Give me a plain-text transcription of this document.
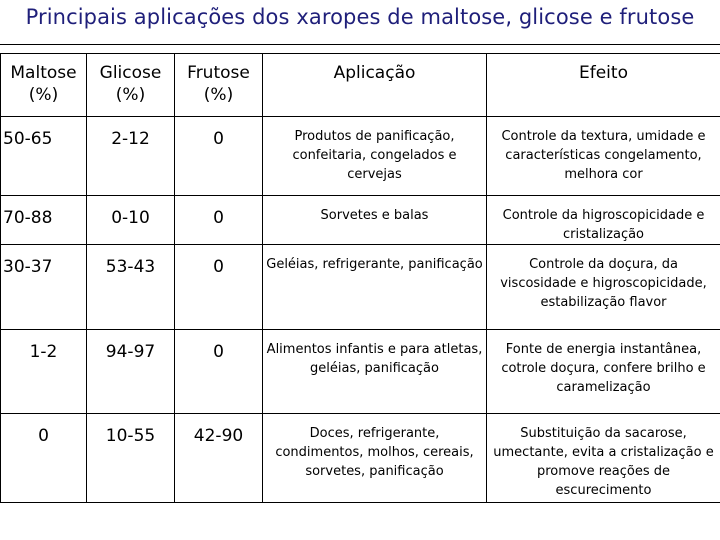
Principais aplicações dos xaropes de maltose, glicose e frutose
Maltose (%)	Glicose (%)	Frutose (%)	Aplicação	Efeito
50-65	2-12	0	Produtos de panificação, confeitaria, congelados e cervejas	Controle da textura, umidade e características congelamento, melhora cor
70-88	0-10	0	Sorvetes e balas	Controle da higroscopicidade e cristalização
30-37	53-43	0	Geléias, refrigerante, panificação	Controle da doçura, da viscosidade e higroscopicidade, estabilização flavor
1-2	94-97	0	Alimentos infantis e para atletas, geléias, panificação	Fonte de energia instantânea, cotrole doçura, confere brilho e caramelização
0	10-55	42-90	Doces, refrigerante, condimentos, molhos, cereais, sorvetes, panificação	Substituição da sacarose, umectante, evita a cristalização e promove reações de escurecimento
